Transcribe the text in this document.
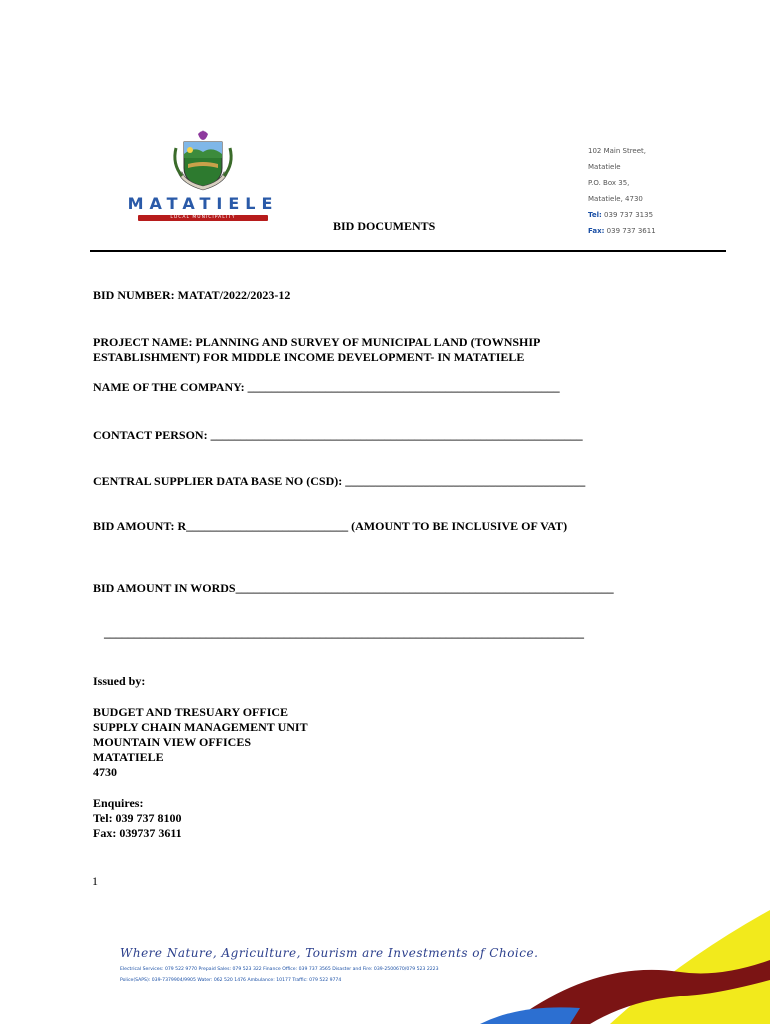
MATATIELE
LOCAL MUNICIPALITY
102 Main Street,
Matatiele
P.O. Box 35,
Matatiele, 4730
Tel: 039 737 3135
Fax: 039 737 3611
BID DOCUMENTS
BID NUMBER: MATAT/2022/2023-12
PROJECT NAME: PLANNING AND SURVEY OF MUNICIPAL LAND (TOWNSHIP
ESTABLISHMENT) FOR MIDDLE INCOME DEVELOPMENT- IN MATATIELE
NAME OF THE COMPANY: ____________________________________________________
CONTACT PERSON: ______________________________________________________________
CENTRAL SUPPLIER DATA BASE NO (CSD): ________________________________________
BID AMOUNT: R___________________________ (AMOUNT TO BE INCLUSIVE OF VAT)
BID AMOUNT IN WORDS_______________________________________________________________
________________________________________________________________________________
Issued by:
BUDGET AND TRESUARY OFFICE
SUPPLY CHAIN MANAGEMENT UNIT
MOUNTAIN VIEW OFFICES
MATATIELE
4730
Enquires:
Tel: 039 737 8100
Fax: 039737 3611
1
Where Nature, Agriculture, Tourism are Investments of Choice.
Electrical Services: 079 522 9770 Prepaid Sales: 079 523 322 Finance Office: 039 737 3565 Disaster and Fire: 039-2500670/079 523 2223
Police(SAPS): 039-7379904/9905 Water: 062 520 1476 Ambulance: 10177 Traffic: 079 522 9774
